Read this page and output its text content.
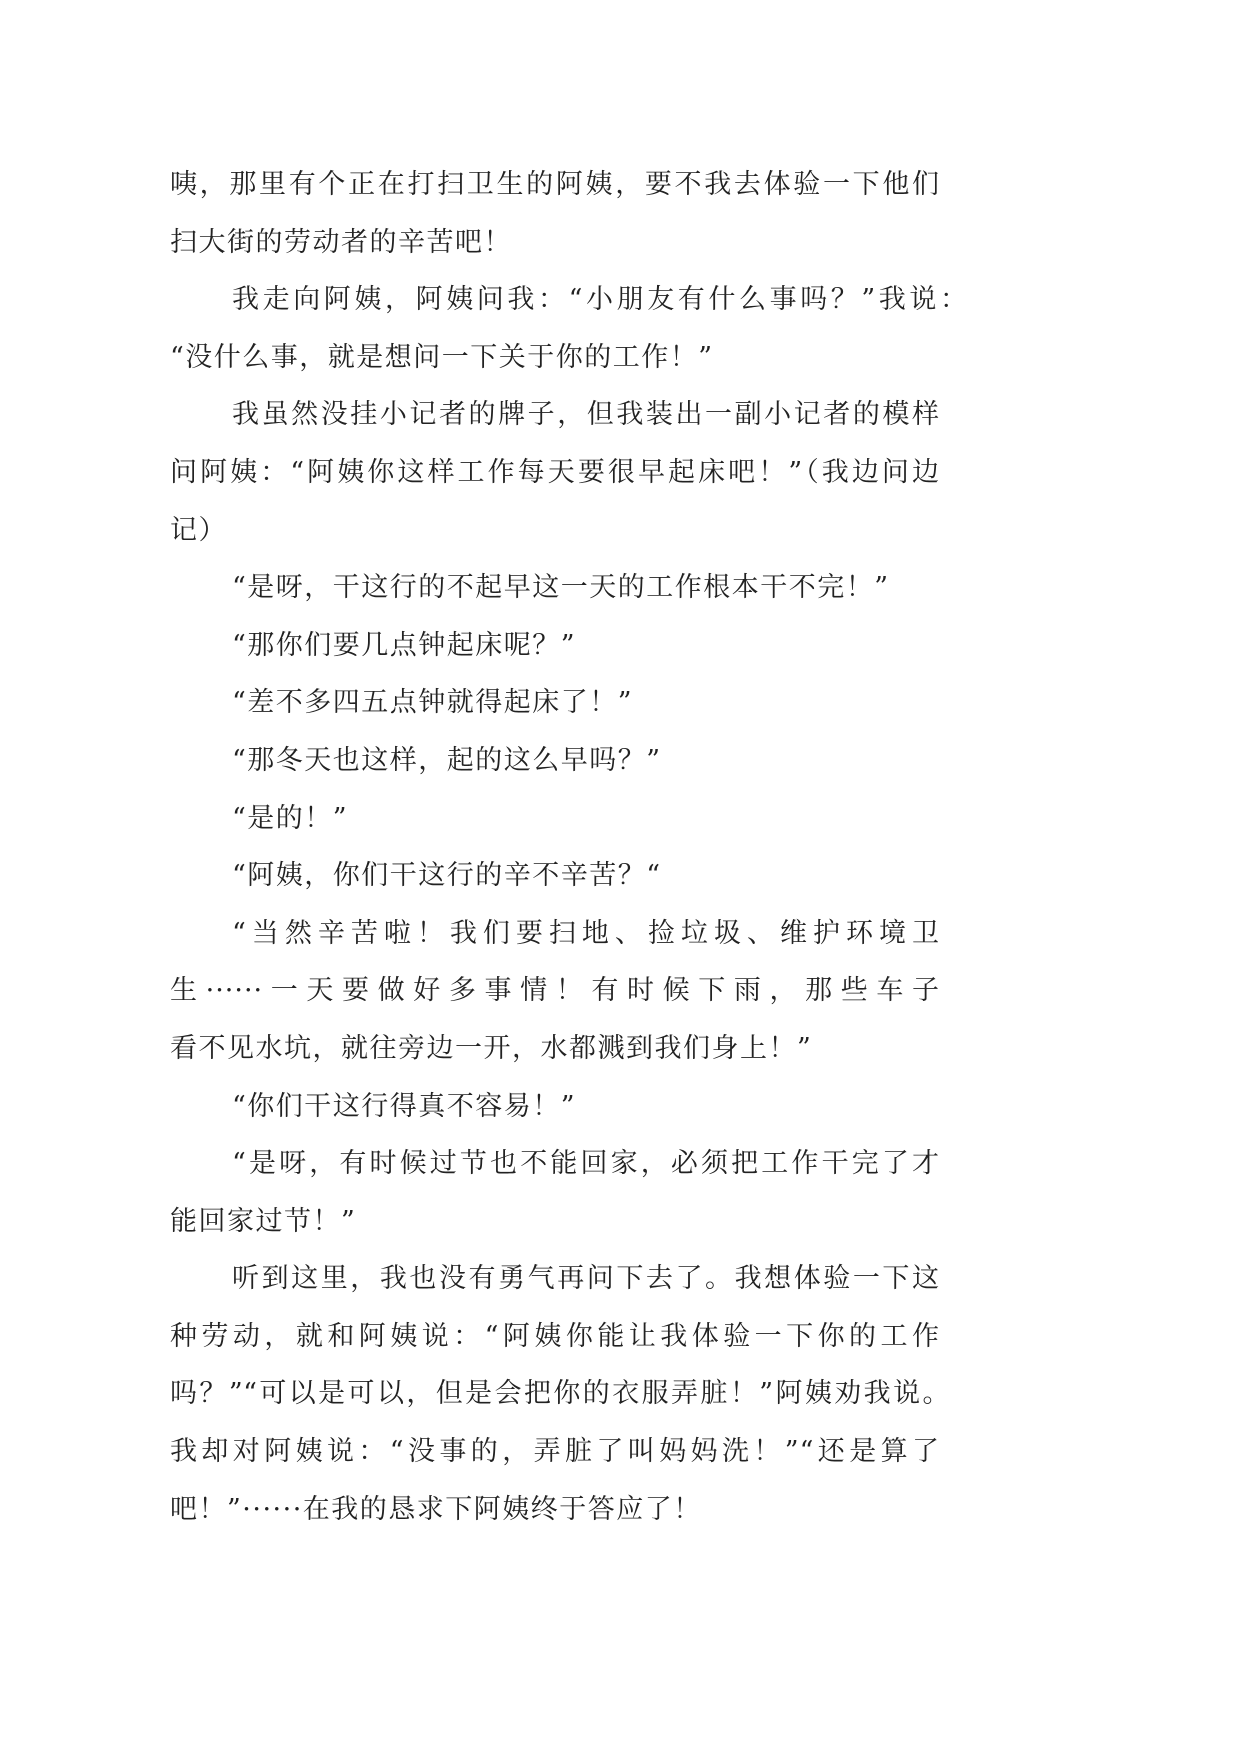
咦，那里有个正在打扫卫生的阿姨，要不我去体验一下他们
扫大街的劳动者的辛苦吧！
我走向阿姨，阿姨问我：“小朋友有什么事吗？”我说：
“没什么事，就是想问一下关于你的工作！”
我虽然没挂小记者的牌子，但我装出一副小记者的模样
问阿姨：“阿姨你这样工作每天要很早起床吧！”（我边问边
记）
“是呀，干这行的不起早这一天的工作根本干不完！”
“那你们要几点钟起床呢？”
“差不多四五点钟就得起床了！”
“那冬天也这样，起的这么早吗？”
“是的！”
“阿姨，你们干这行的辛不辛苦？“
“当然辛苦啦！我们要扫地、捡垃圾、维护环境卫
生······一天要做好多事情！有时候下雨，那些车子
看不见水坑，就往旁边一开，水都溅到我们身上！”
“你们干这行得真不容易！”
“是呀，有时候过节也不能回家，必须把工作干完了才
能回家过节！”
听到这里，我也没有勇气再问下去了。我想体验一下这
种劳动，就和阿姨说：“阿姨你能让我体验一下你的工作
吗？”“可以是可以，但是会把你的衣服弄脏！”阿姨劝我说。
我却对阿姨说：“没事的，弄脏了叫妈妈洗！”“还是算了
吧！”······在我的恳求下阿姨终于答应了！
